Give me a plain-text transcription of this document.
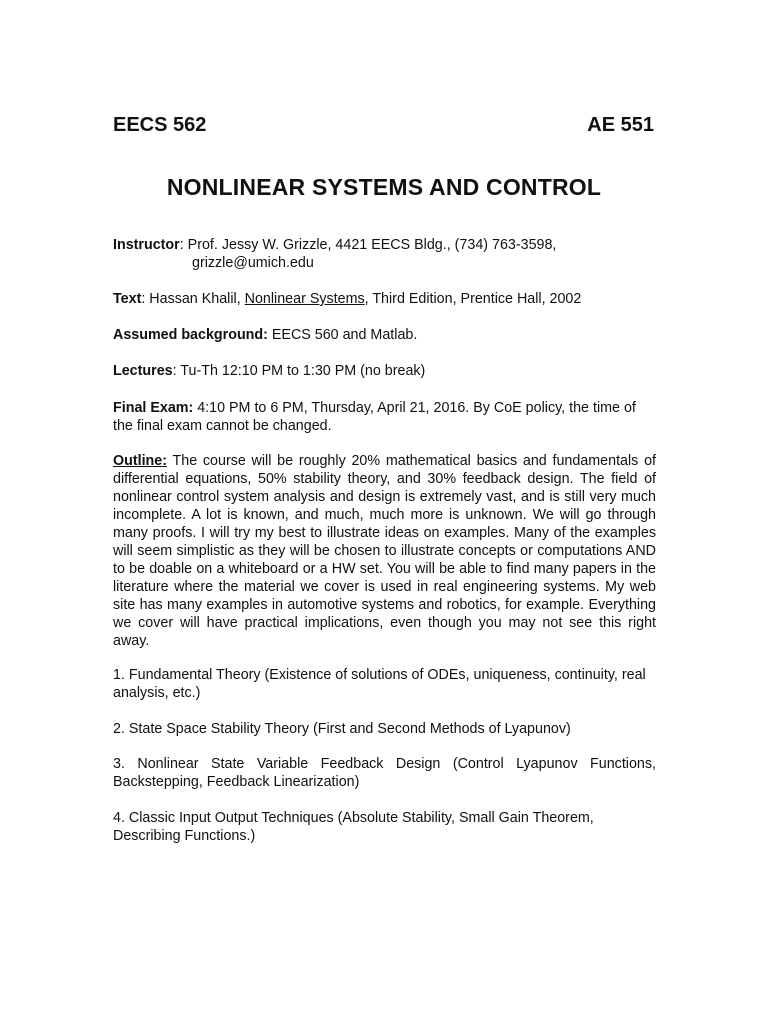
EECS 562	AE 551
NONLINEAR SYSTEMS AND CONTROL
Instructor: Prof. Jessy W. Grizzle, 4421 EECS Bldg., (734) 763-3598,
grizzle@umich.edu
Text: Hassan Khalil, Nonlinear Systems, Third Edition, Prentice Hall, 2002
Assumed background: EECS 560 and Matlab.
Lectures: Tu-Th 12:10 PM to 1:30 PM (no break)
Final Exam: 4:10 PM to 6 PM, Thursday, April 21, 2016. By CoE policy, the time of the final exam cannot be changed.
Outline: The course will be roughly 20% mathematical basics and fundamentals of differential equations, 50% stability theory, and 30% feedback design. The field of nonlinear control system analysis and design is extremely vast, and is still very much incomplete. A lot is known, and much, much more is unknown. We will go through many proofs. I will try my best to illustrate ideas on examples. Many of the examples will seem simplistic as they will be chosen to illustrate concepts or computations AND to be doable on a whiteboard or a HW set. You will be able to find many papers in the literature where the material we cover is used in real engineering systems. My web site has many examples in automotive systems and robotics, for example. Everything we cover will have practical implications, even though you may not see this right away.
1. Fundamental Theory (Existence of solutions of ODEs, uniqueness, continuity, real analysis, etc.)
2. State Space Stability Theory (First and Second Methods of Lyapunov)
3. Nonlinear State Variable Feedback Design (Control Lyapunov Functions, Backstepping, Feedback Linearization)
4. Classic Input Output Techniques (Absolute Stability, Small Gain Theorem, Describing Functions.)
